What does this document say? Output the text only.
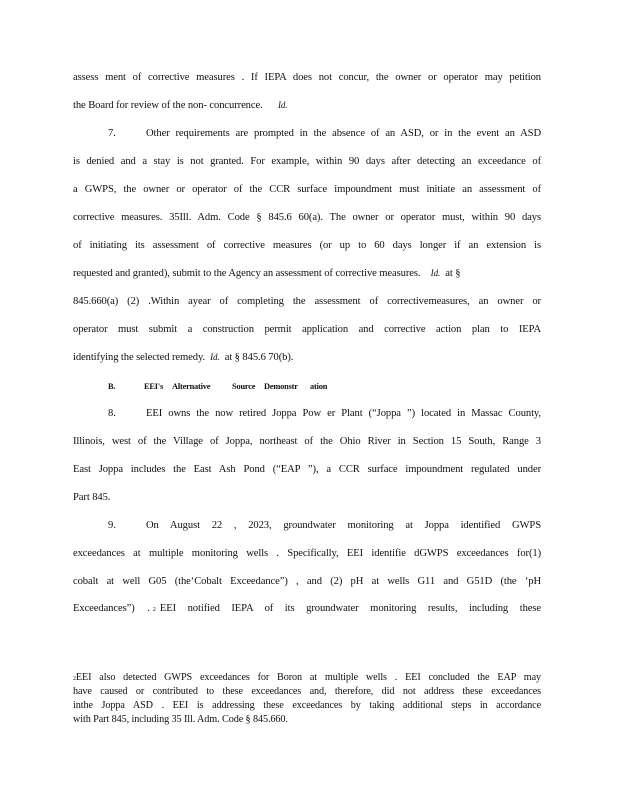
assess ment of corrective measures . If IEPA does not concur, the owner or operator may petition
the Board for review of the non- concurrence. Id.
7.	Other requirements are prompted in the absence of an ASD, or in the event an ASD
is denied and a stay is not granted. For example, within 90 days after detecting an exceedance of
a GWPS, the owner or operator of the CCR surface impoundment must initiate an assessment of
corrective measures. 35Ill. Adm. Code § 845.6 60(a). The owner or operator must, within 90 days
of initiating its assessment of corrective measures (or up to 60 days longer if an extension is
requested and granted), submit to the Agency an assessment of corrective measures. Id. at §
845.660(a) (2) .Within ayear of completing the assessment of correctivemeasures, an owner or
operator must submit a construction permit application and corrective action plan to IEPA
identifying the selected remedy. Id. at § 845.6 70(b).
B.	EEI's Alternative	Source Demonstr ation
8.	EEI owns the now retired Joppa Pow er Plant (“Joppa ”) located in Massac County,
Illinois, west of the Village of Joppa, northeast of the Ohio River in Section 15 South, Range 3
East Joppa includes the East Ash Pond (“EAP ”), a CCR surface impoundment regulated under
Part 845.
9.	On August 22 , 2023, groundwater monitoring at Joppa identified GWPS
exceedances at multiple monitoring wells . Specifically, EEI identifie dGWPS exceedances for(1)
cobalt at well G05 (the‘Cobalt Exceedance”) , and (2) pH at wells G11 and G51D (the ‘pH
Exceedances”)     . 2 EEI notified IEPA of its groundwater monitoring results, including these
2 EEI also detected GWPS exceedances for Boron at multiple wells . EEI concluded the EAP may
have caused or contributed to these exceedances and, therefore, did not address these exceedances
inthe Joppa ASD . EEI is addressing these exceedances by taking additional steps in accordance
with Part 845, including 35 Ill. Adm. Code § 845.660.
